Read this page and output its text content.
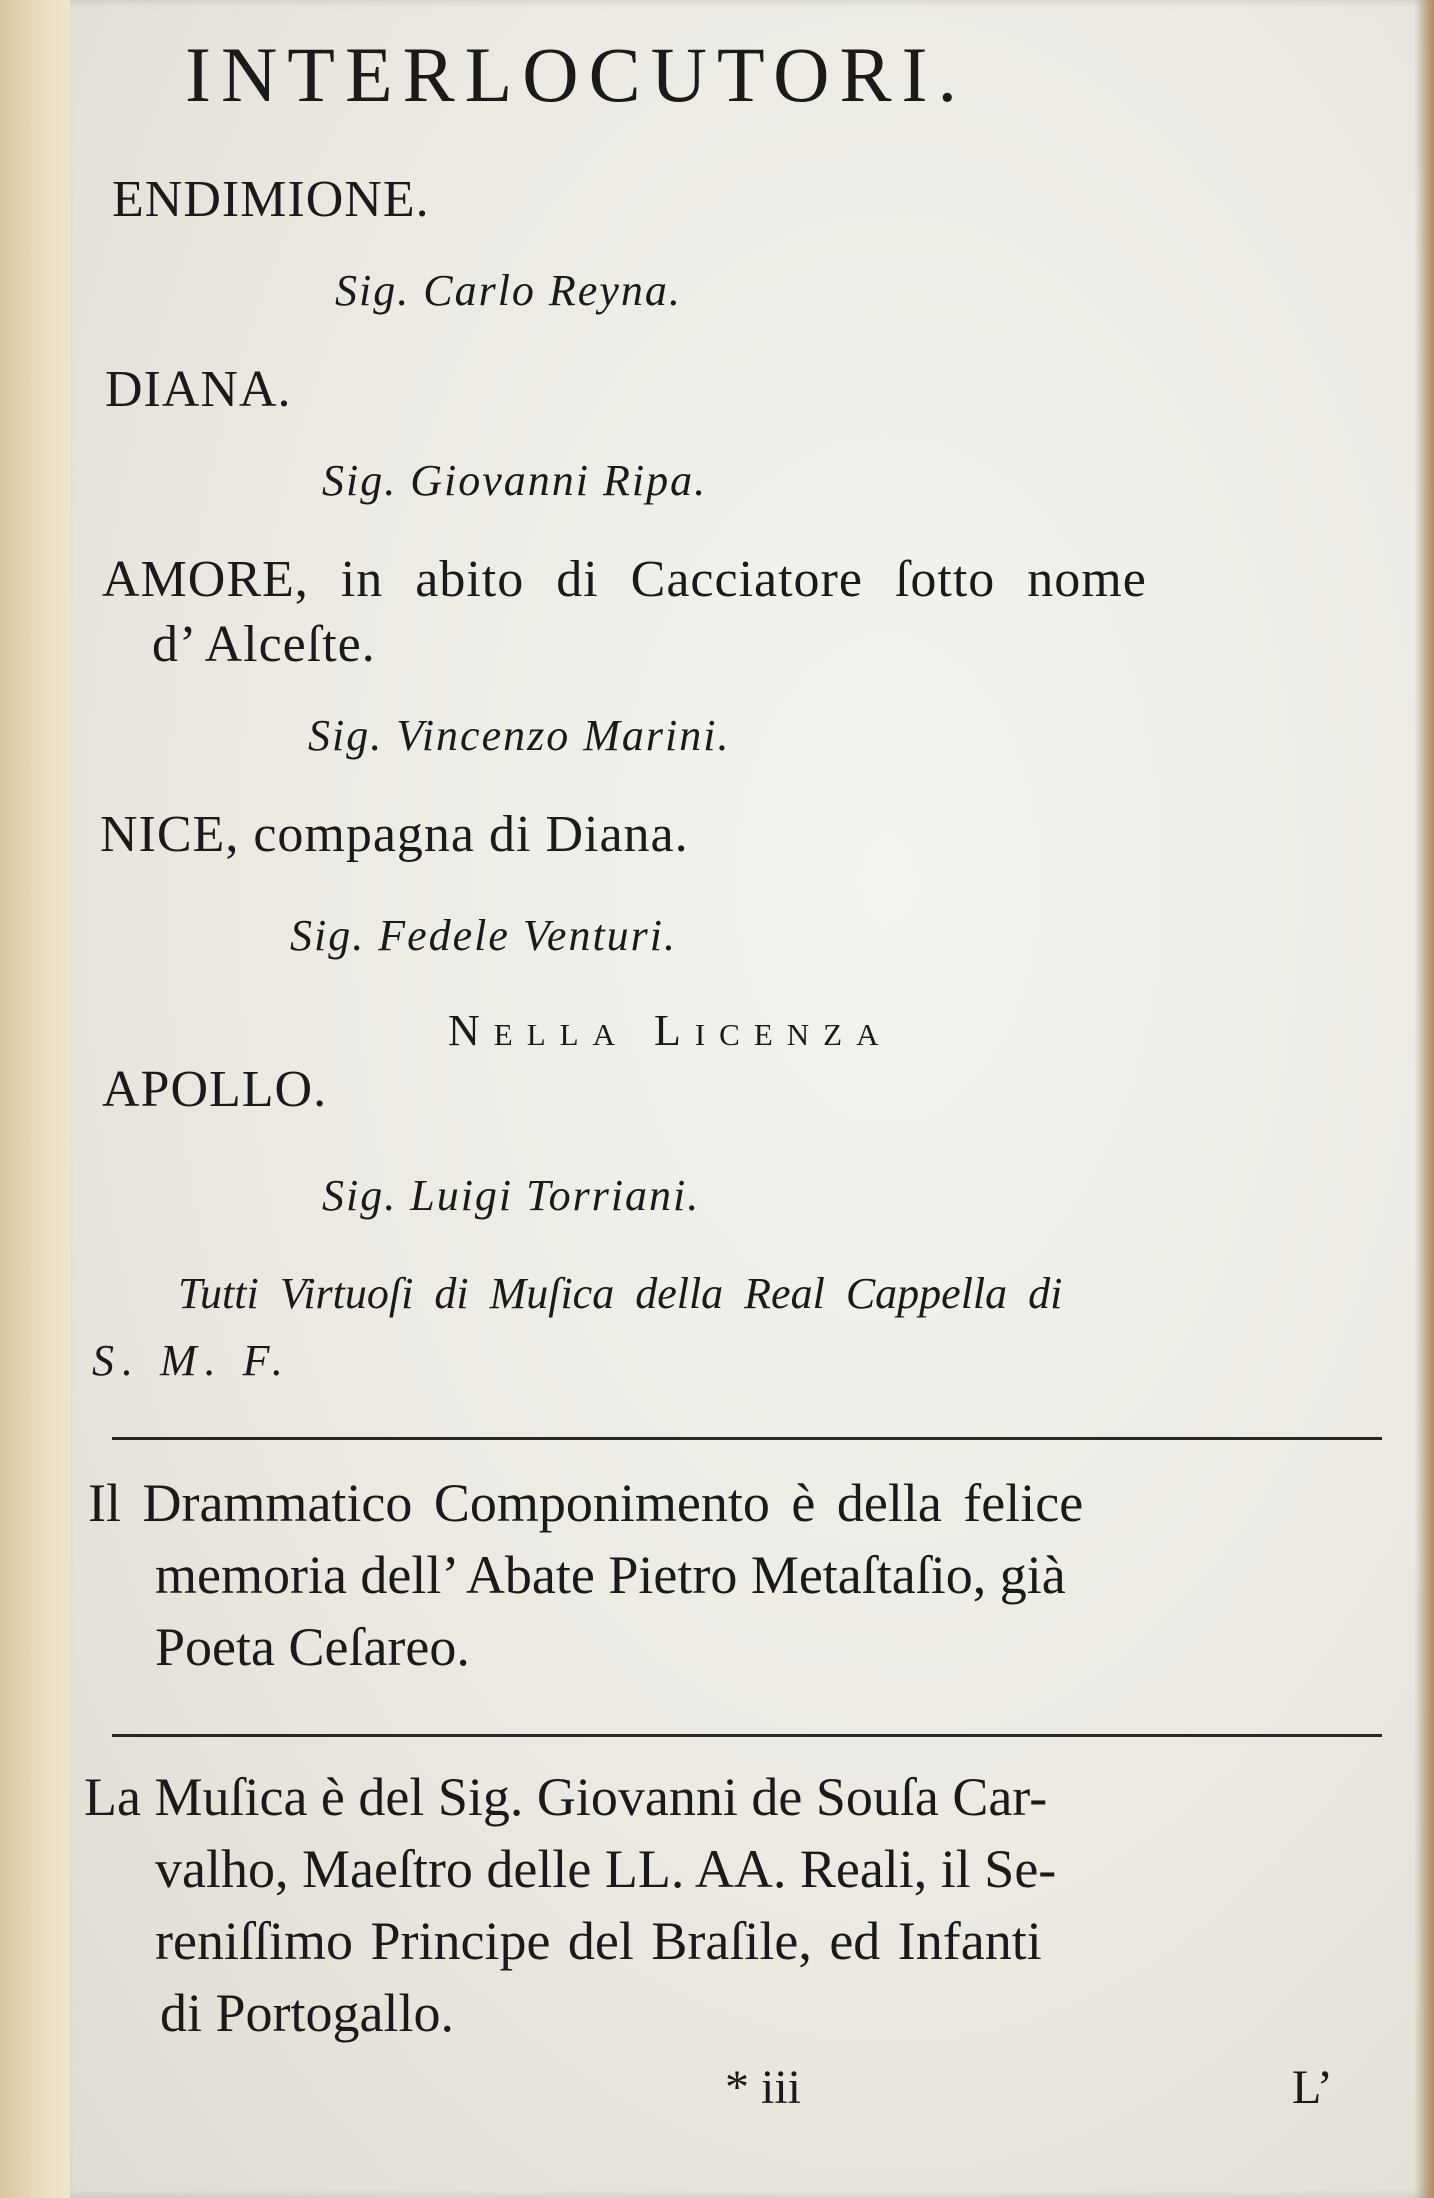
INTERLOCUTORI.
ENDIMIONE.
Sig. Carlo Reyna.
DIANA.
Sig. Giovanni Ripa.
AMORE, in abito di Cacciatore ſotto nome
d’ Alceſte.
Sig. Vincenzo Marini.
NICE, compagna di Diana.
Sig. Fedele Venturi.
Nella Licenza
APOLLO.
Sig. Luigi Torriani.
Tutti Virtuoſi di Muſica della Real Cappella di
S. M. F.
Il Drammatico Componimento è della felice
memoria dell’ Abate Pietro Metaſtaſio, già
Poeta Ceſareo.
La Muſica è del Sig. Giovanni de Souſa Car-
valho, Maeſtro delle LL. AA. Reali, il Se-
reniſſimo Principe del Braſile, ed Infanti
di Portogallo.
* iii	L’
